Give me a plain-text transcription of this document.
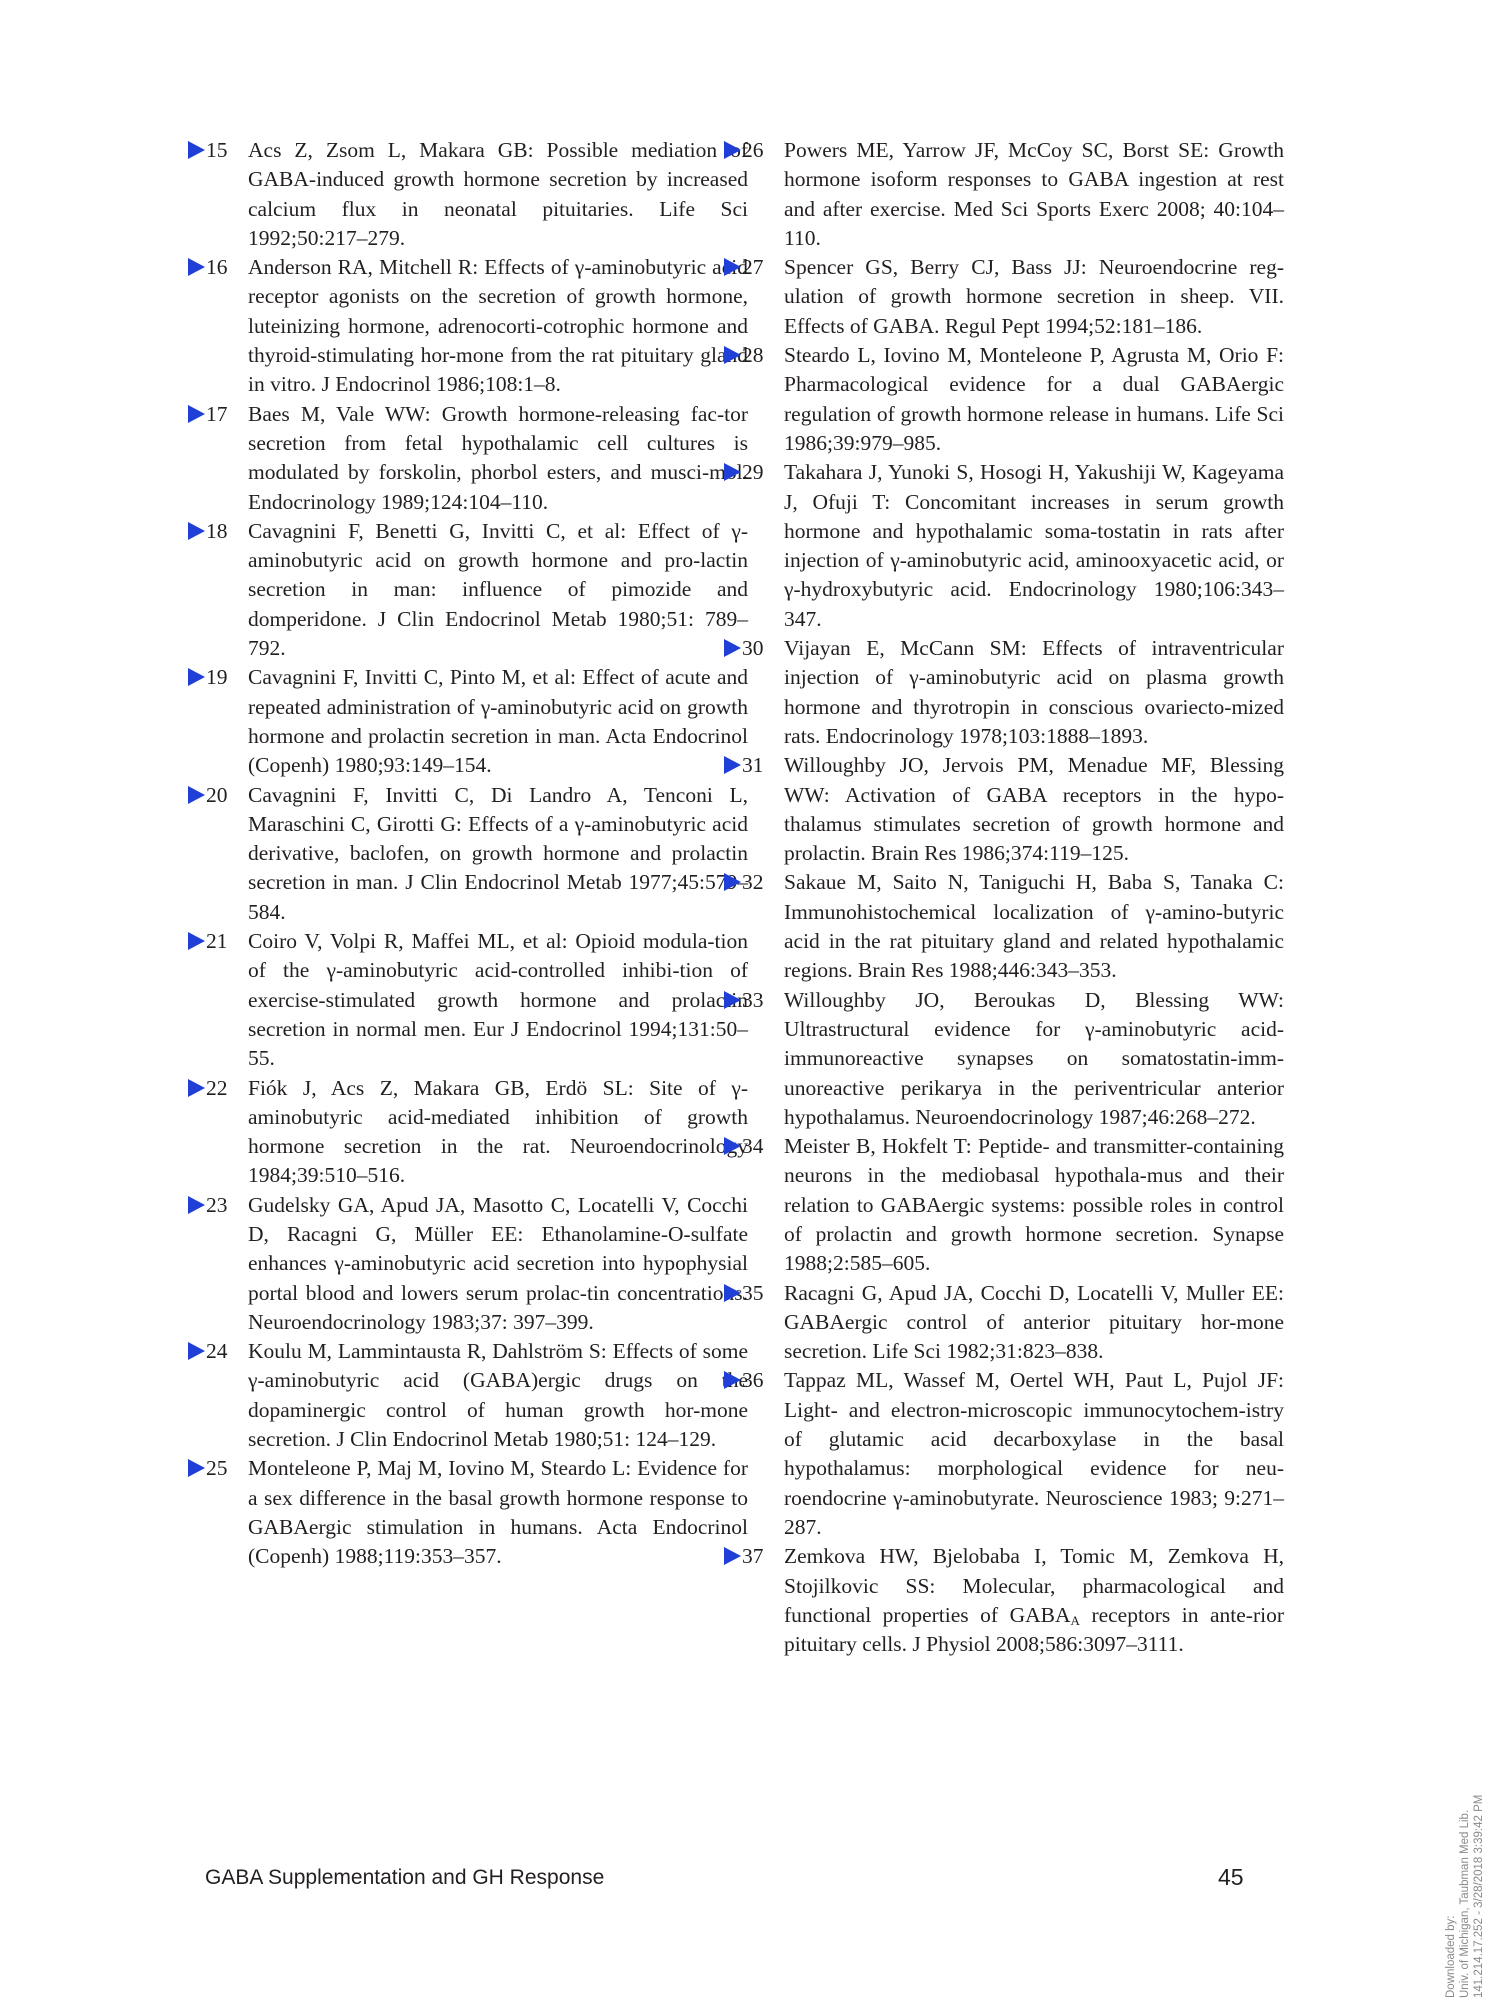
15 Acs Z, Zsom L, Makara GB: Possible mediation of GABA-induced growth hormone secretion by increased calcium flux in neonatal pituitaries. Life Sci 1992;50:217–279.
16 Anderson RA, Mitchell R: Effects of γ-aminobutyric acid receptor agonists on the secretion of growth hormone, luteinizing hormone, adrenocorti-cotrophic hormone and thyroid-stimulating hor-mone from the rat pituitary gland in vitro. J Endocrinol 1986;108:1–8.
17 Baes M, Vale WW: Growth hormone-releasing fac-tor secretion from fetal hypothalamic cell cultures is modulated by forskolin, phorbol esters, and musci-mol. Endocrinology 1989;124:104–110.
18 Cavagnini F, Benetti G, Invitti C, et al: Effect of γ-aminobutyric acid on growth hormone and pro-lactin secretion in man: influence of pimozide and domperidone. J Clin Endocrinol Metab 1980;51: 789–792.
19 Cavagnini F, Invitti C, Pinto M, et al: Effect of acute and repeated administration of γ-aminobutyric acid on growth hormone and prolactin secretion in man. Acta Endocrinol (Copenh) 1980;93:149–154.
20 Cavagnini F, Invitti C, Di Landro A, Tenconi L, Maraschini C, Girotti G: Effects of a γ-aminobutyric acid derivative, baclofen, on growth hormone and prolactin secretion in man. J Clin Endocrinol Metab 1977;45:579–584.
21 Coiro V, Volpi R, Maffei ML, et al: Opioid modula-tion of the γ-aminobutyric acid-controlled inhibi-tion of exercise-stimulated growth hormone and prolactin secretion in normal men. Eur J Endocrinol 1994;131:50–55.
22 Fiók J, Acs Z, Makara GB, Erdö SL: Site of γ-aminobutyric acid-mediated inhibition of growth hormone secretion in the rat. Neuroendocrinology 1984;39:510–516.
23 Gudelsky GA, Apud JA, Masotto C, Locatelli V, Cocchi D, Racagni G, Müller EE: Ethanolamine-O-sulfate enhances γ-aminobutyric acid secretion into hypophysial portal blood and lowers serum prolac-tin concentrations. Neuroendocrinology 1983;37: 397–399.
24 Koulu M, Lammintausta R, Dahlström S: Effects of some γ-aminobutyric acid (GABA)ergic drugs on the dopaminergic control of human growth hor-mone secretion. J Clin Endocrinol Metab 1980;51: 124–129.
25 Monteleone P, Maj M, Iovino M, Steardo L: Evidence for a sex difference in the basal growth hormone response to GABAergic stimulation in humans. Acta Endocrinol (Copenh) 1988;119:353–357.
26 Powers ME, Yarrow JF, McCoy SC, Borst SE: Growth hormone isoform responses to GABA ingestion at rest and after exercise. Med Sci Sports Exerc 2008; 40:104–110.
27 Spencer GS, Berry CJ, Bass JJ: Neuroendocrine reg-ulation of growth hormone secretion in sheep. VII. Effects of GABA. Regul Pept 1994;52:181–186.
28 Steardo L, Iovino M, Monteleone P, Agrusta M, Orio F: Pharmacological evidence for a dual GABAergic regulation of growth hormone release in humans. Life Sci 1986;39:979–985.
29 Takahara J, Yunoki S, Hosogi H, Yakushiji W, Kageyama J, Ofuji T: Concomitant increases in serum growth hormone and hypothalamic soma-tostatin in rats after injection of γ-aminobutyric acid, aminooxyacetic acid, or γ-hydroxybutyric acid. Endocrinology 1980;106:343–347.
30 Vijayan E, McCann SM: Effects of intraventricular injection of γ-aminobutyric acid on plasma growth hormone and thyrotropin in conscious ovariecto-mized rats. Endocrinology 1978;103:1888–1893.
31 Willoughby JO, Jervois PM, Menadue MF, Blessing WW: Activation of GABA receptors in the hypo-thalamus stimulates secretion of growth hormone and prolactin. Brain Res 1986;374:119–125.
32 Sakaue M, Saito N, Taniguchi H, Baba S, Tanaka C: Immunohistochemical localization of γ-amino-butyric acid in the rat pituitary gland and related hypothalamic regions. Brain Res 1988;446:343–353.
33 Willoughby JO, Beroukas D, Blessing WW: Ultrastructural evidence for γ-aminobutyric acid-immunoreactive synapses on somatostatin-imm-unoreactive perikarya in the periventricular anterior hypothalamus. Neuroendocrinology 1987;46:268–272.
34 Meister B, Hokfelt T: Peptide- and transmitter-containing neurons in the mediobasal hypothala-mus and their relation to GABAergic systems: possible roles in control of prolactin and growth hormone secretion. Synapse 1988;2:585–605.
35 Racagni G, Apud JA, Cocchi D, Locatelli V, Muller EE: GABAergic control of anterior pituitary hor-mone secretion. Life Sci 1982;31:823–838.
36 Tappaz ML, Wassef M, Oertel WH, Paut L, Pujol JF: Light- and electron-microscopic immunocytochem-istry of glutamic acid decarboxylase in the basal hypothalamus: morphological evidence for neu-roendocrine γ-aminobutyrate. Neuroscience 1983; 9:271–287.
37 Zemkova HW, Bjelobaba I, Tomic M, Zemkova H, Stojilkovic SS: Molecular, pharmacological and functional properties of $GABA_A$ receptors in ante-rior pituitary cells. J Physiol 2008;586:3097–3111.
GABA Supplementation and GH Response	45
Downloaded by: Univ. of Michigan, Taubman Med Lib. 141.214.17.252 - 3/28/2018 3:39:42 PM
